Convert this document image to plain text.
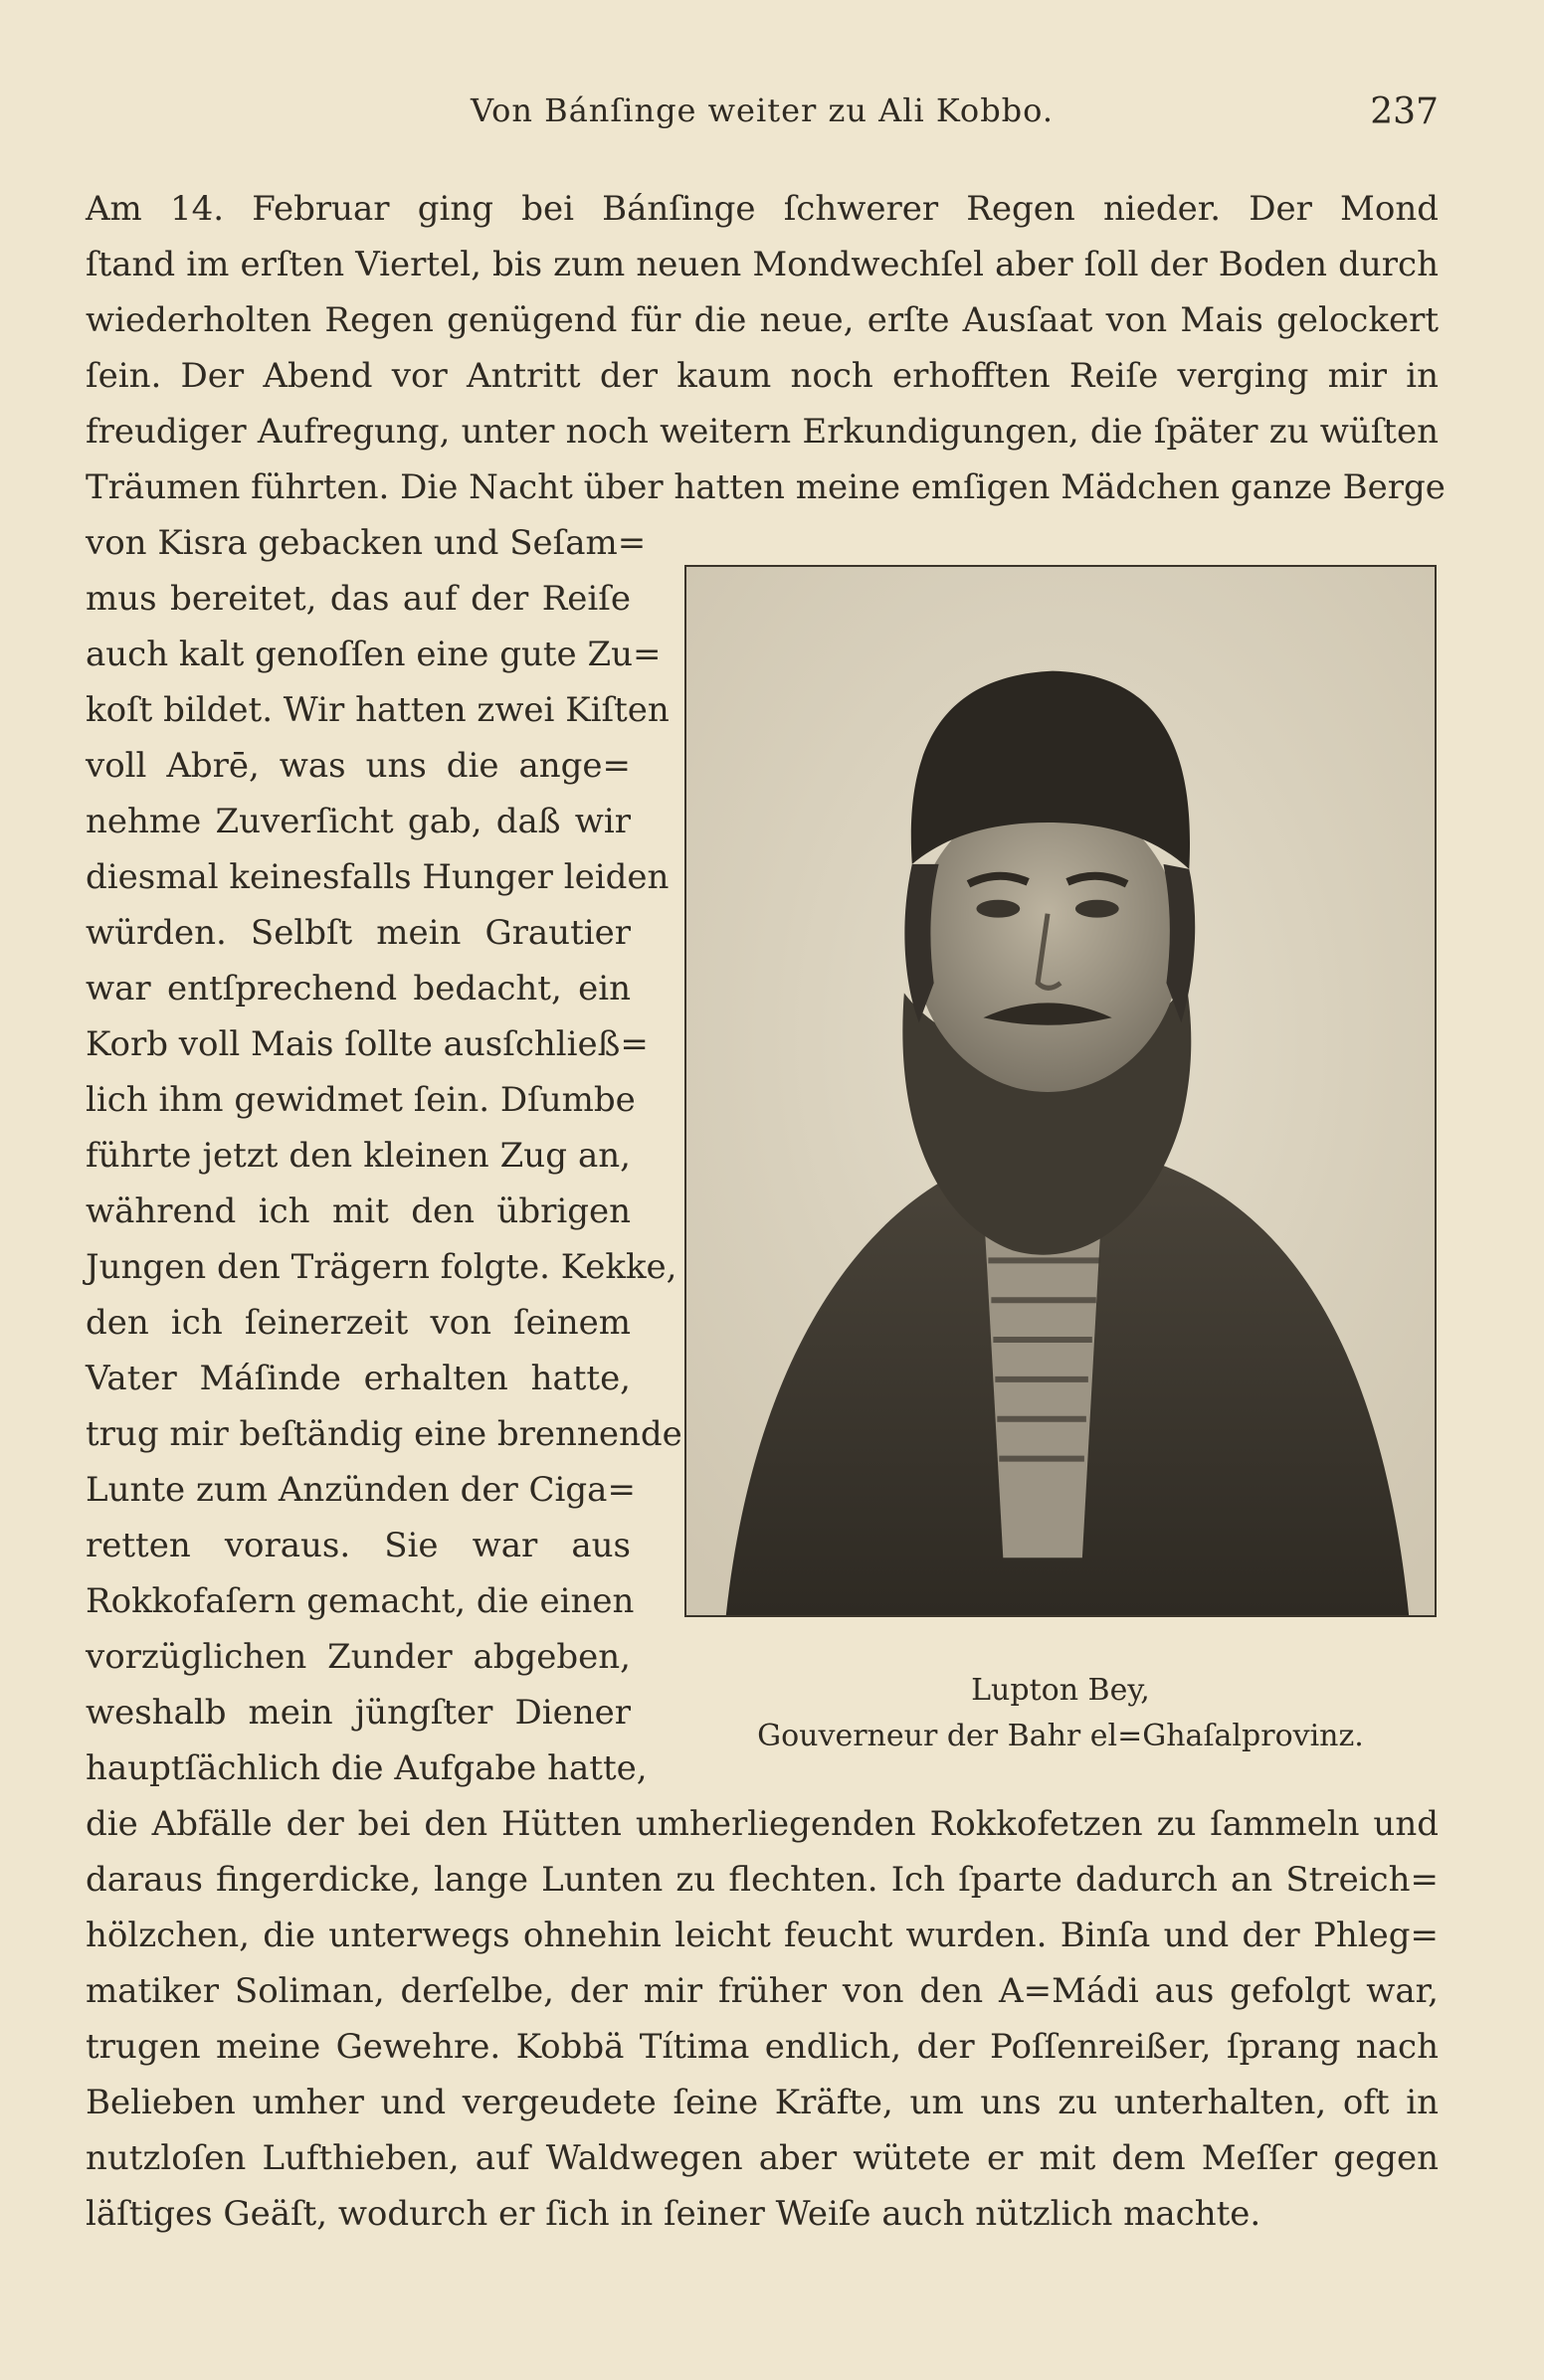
Von Bánſinge weiter zu Ali Kobbo.	237
Am 14. Februar ging bei Bánſinge ſchwerer Regen nieder. Der Mond
ſtand im erſten Viertel, bis zum neuen Mondwechſel aber ſoll der Boden durch
wiederholten Regen genügend für die neue, erſte Ausſaat von Mais gelockert
ſein. Der Abend vor Antritt der kaum noch erhofften Reiſe verging mir in
freudiger Aufregung, unter noch weitern Erkundigungen, die ſpäter zu wüſten
Träumen führten. Die Nacht über hatten meine emſigen Mädchen ganze Berge
von Kisra gebacken und Seſam=
mus bereitet, das auf der Reiſe
auch kalt genoſſen eine gute Zu=
koſt bildet. Wir hatten zwei Kiſten
voll Abrē, was uns die ange=
nehme Zuverſicht gab, daß wir
diesmal keinesfalls Hunger leiden
würden. Selbſt mein Grautier
war entſprechend bedacht, ein
Korb voll Mais ſollte ausſchließ=
lich ihm gewidmet ſein. Dſumbe
führte jetzt den kleinen Zug an,
während ich mit den übrigen
Jungen den Trägern folgte. Kekke,
den ich ſeinerzeit von ſeinem
Vater Máſinde erhalten hatte,
trug mir beſtändig eine brennende
Lunte zum Anzünden der Ciga=
retten voraus. Sie war aus
Rokkofaſern gemacht, die einen
vorzüglichen Zunder abgeben,
weshalb mein jüngſter Diener
hauptſächlich die Aufgabe hatte,
Lupton Bey,
Gouverneur der Bahr el=Ghaſalprovinz.
die Abfälle der bei den Hütten umherliegenden Rokkofetzen zu ſammeln und
daraus fingerdicke, lange Lunten zu flechten. Ich ſparte dadurch an Streich=
hölzchen, die unterwegs ohnehin leicht feucht wurden. Binſa und der Phleg=
matiker Soliman, derſelbe, der mir früher von den A=Mádi aus gefolgt war,
trugen meine Gewehre. Kobbä Títima endlich, der Poſſenreißer, ſprang nach
Belieben umher und vergeudete ſeine Kräfte, um uns zu unterhalten, oft in
nutzloſen Lufthieben, auf Waldwegen aber wütete er mit dem Meſſer gegen
läſtiges Geäſt, wodurch er ſich in ſeiner Weiſe auch nützlich machte.
